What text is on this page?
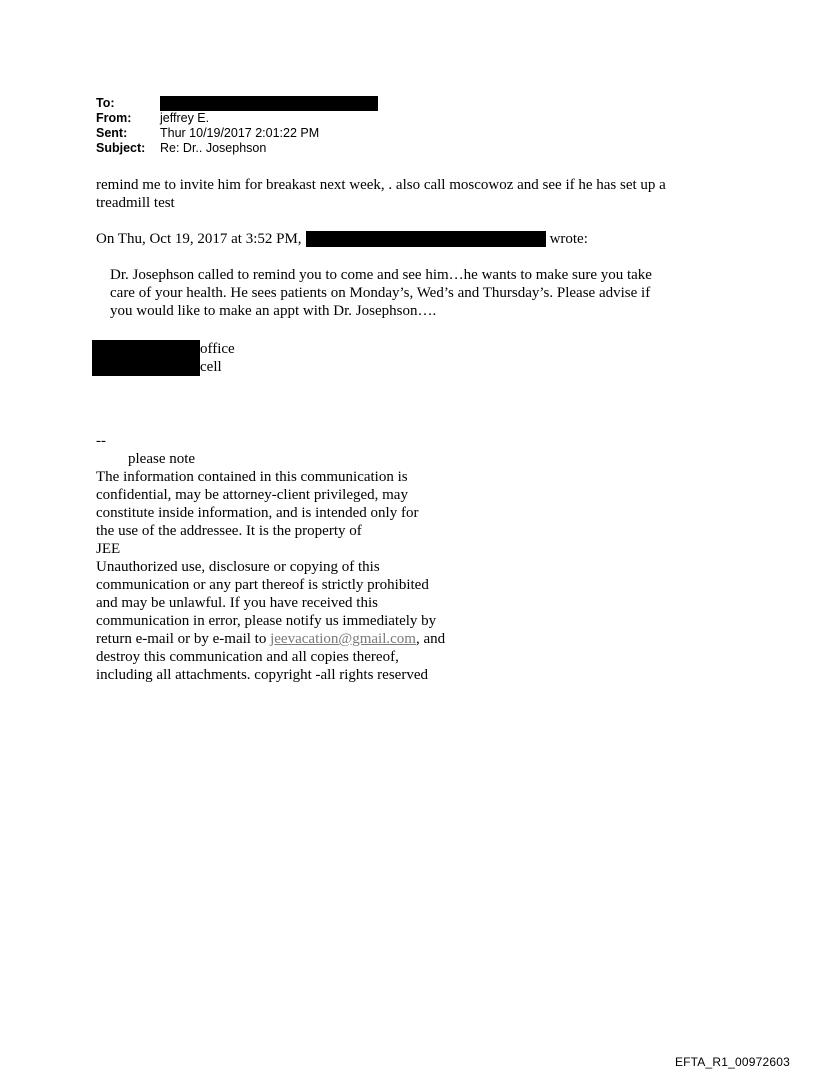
To:
From:	jeffrey E.
Sent:	Thur 10/19/2017 2:01:22 PM
Subject:	Re: Dr.. Josephson
remind me to invite him for breakast next week, . also call moscowoz and see if he has set up a
treadmill test
On Thu, Oct 19, 2017 at 3:52 PM,	wrote:
Dr. Josephson called to remind you to come and see him…he wants to make sure you take
care of your health. He sees patients on Monday’s, Wed’s and Thursday’s. Please advise if
you would like to make an appt with Dr. Josephson….
office
cell
--
please note
The information contained in this communication is
confidential, may be attorney-client privileged, may
constitute inside information, and is intended only for
the use of the addressee. It is the property of
JEE
Unauthorized use, disclosure or copying of this
communication or any part thereof is strictly prohibited
and may be unlawful. If you have received this
communication in error, please notify us immediately by
return e-mail or by e-mail to jeevacation@gmail.com, and
destroy this communication and all copies thereof,
including all attachments. copyright -all rights reserved
EFTA_R1_00972603
